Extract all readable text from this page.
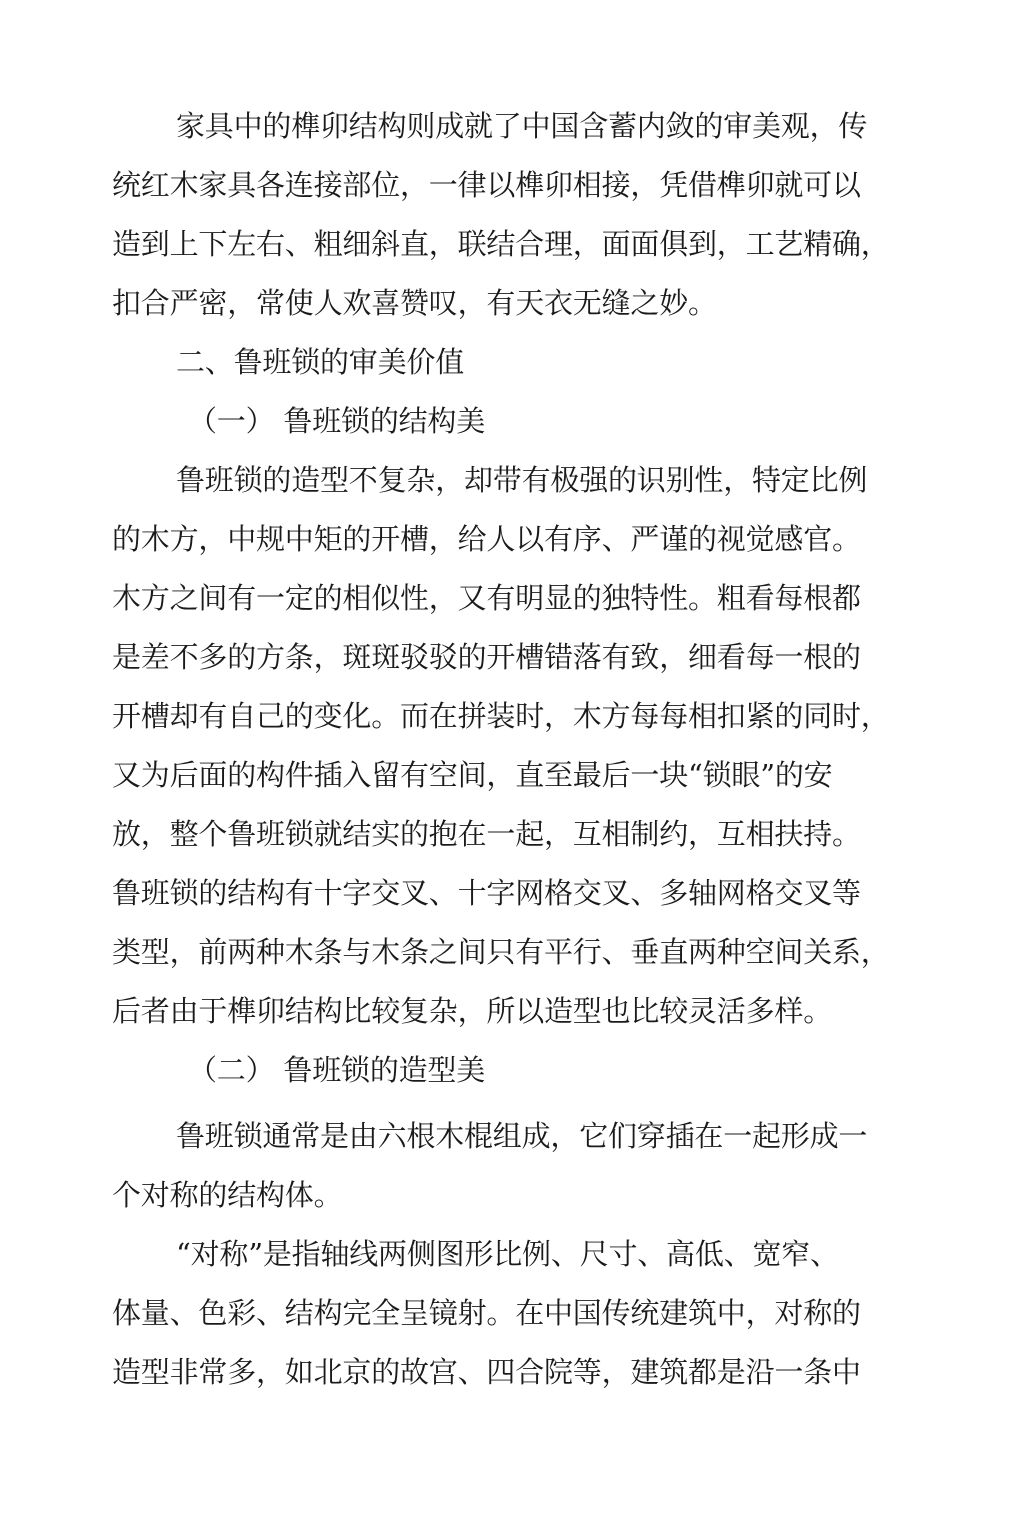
家具中的榫卯结构则成就了中国含蓄内敛的审美观，传
统红木家具各连接部位，一律以榫卯相接，凭借榫卯就可以
造到上下左右、粗细斜直，联结合理，面面俱到，工艺精确，
扣合严密，常使人欢喜赞叹，有天衣无缝之妙。
二、鲁班锁的审美价值
（一） 鲁班锁的结构美
鲁班锁的造型不复杂，却带有极强的识别性，特定比例
的木方，中规中矩的开槽，给人以有序、严谨的视觉感官。
木方之间有一定的相似性，又有明显的独特性。粗看每根都
是差不多的方条，斑斑驳驳的开槽错落有致，细看每一根的
开槽却有自己的变化。而在拼装时，木方每每相扣紧的同时，
又为后面的构件插入留有空间，直至最后一块“锁眼”的安
放，整个鲁班锁就结实的抱在一起，互相制约，互相扶持。
鲁班锁的结构有十字交叉、十字网格交叉、多轴网格交叉等
类型，前两种木条与木条之间只有平行、垂直两种空间关系，
后者由于榫卯结构比较复杂，所以造型也比较灵活多样。
（二） 鲁班锁的造型美
鲁班锁通常是由六根木棍组成，它们穿插在一起形成一
个对称的结构体。
“对称”是指轴线两侧图形比例、尺寸、高低、宽窄、
体量、色彩、结构完全呈镜射。在中国传统建筑中，对称的
造型非常多，如北京的故宫、四合院等，建筑都是沿一条中
